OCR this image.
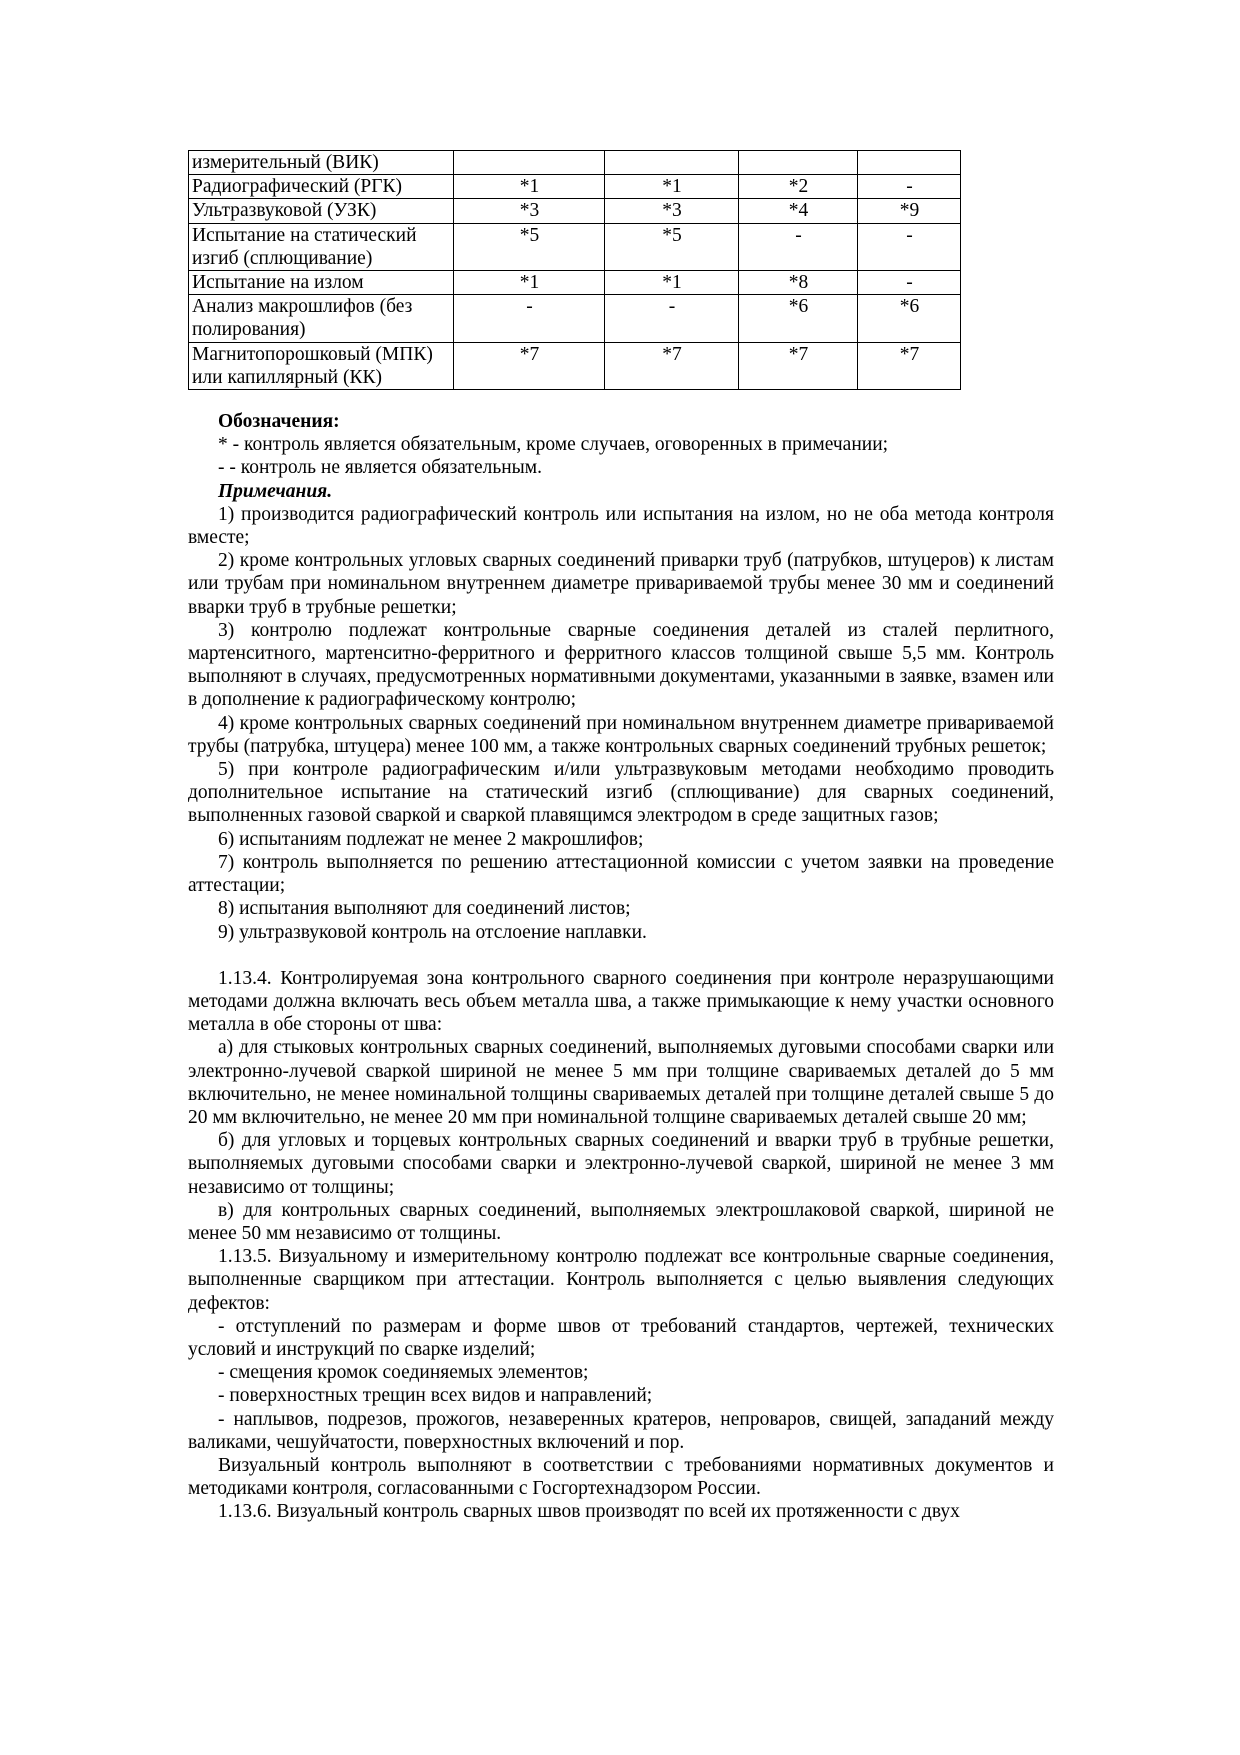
измерительный (ВИК)				
Радиографический (РГК)	*1	*1	*2	-
Ультразвуковой (УЗК)	*3	*3	*4	*9
Испытание на статический изгиб (сплющивание)	*5	*5	-	-
Испытание на излом	*1	*1	*8	-
Анализ макрошлифов (без полирования)	-	-	*6	*6
Магнитопорошковый (МПК) или капиллярный (КК)	*7	*7	*7	*7

Обозначения:

* - контроль является обязательным, кроме случаев, оговоренных в примечании;

- - контроль не является обязательным.

Примечания.

1) производится радиографический контроль или испытания на излом, но не оба метода контроля вместе;

2) кроме контрольных угловых сварных соединений приварки труб (патрубков, штуцеров) к листам или трубам при номинальном внутреннем диаметре привариваемой трубы менее 30 мм и соединений вварки труб в трубные решетки;

3) контролю подлежат контрольные сварные соединения деталей из сталей перлитного, мартенситного, мартенситно-ферритного и ферритного классов толщиной свыше 5,5 мм. Контроль выполняют в случаях, предусмотренных нормативными документами, указанными в заявке, взамен или в дополнение к радиографическому контролю;

4) кроме контрольных сварных соединений при номинальном внутреннем диаметре привариваемой трубы (патрубка, штуцера) менее 100 мм, а также контрольных сварных соединений трубных решеток;

5) при контроле радиографическим и/или ультразвуковым методами необходимо проводить дополнительное испытание на статический изгиб (сплющивание) для сварных соединений, выполненных газовой сваркой и сваркой плавящимся электродом в среде защитных газов;

6) испытаниям подлежат не менее 2 макрошлифов;

7) контроль выполняется по решению аттестационной комиссии с учетом заявки на проведение аттестации;

8) испытания выполняют для соединений листов;

9) ультразвуковой контроль на отслоение наплавки.

1.13.4. Контролируемая зона контрольного сварного соединения при контроле неразрушающими методами должна включать весь объем металла шва, а также примыкающие к нему участки основного металла в обе стороны от шва:

а) для стыковых контрольных сварных соединений, выполняемых дуговыми способами сварки или электронно-лучевой сваркой шириной не менее 5 мм при толщине свариваемых деталей до 5 мм включительно, не менее номинальной толщины свариваемых деталей при толщине деталей свыше 5 до 20 мм включительно, не менее 20 мм при номинальной толщине свариваемых деталей свыше 20 мм;

б) для угловых и торцевых контрольных сварных соединений и вварки труб в трубные решетки, выполняемых дуговыми способами сварки и электронно-лучевой сваркой, шириной не менее 3 мм независимо от толщины;

в) для контрольных сварных соединений, выполняемых электрошлаковой сваркой, шириной не менее 50 мм независимо от толщины.

1.13.5. Визуальному и измерительному контролю подлежат все контрольные сварные соединения, выполненные сварщиком при аттестации. Контроль выполняется с целью выявления следующих дефектов:

- отступлений по размерам и форме швов от требований стандартов, чертежей, технических условий и инструкций по сварке изделий;

- смещения кромок соединяемых элементов;

- поверхностных трещин всех видов и направлений;

- наплывов, подрезов, прожогов, незаверенных кратеров, непроваров, свищей, западаний между валиками, чешуйчатости, поверхностных включений и пор.

Визуальный контроль выполняют в соответствии с требованиями нормативных документов и методиками контроля, согласованными с Госгортехнадзором России.

1.13.6. Визуальный контроль сварных швов производят по всей их протяженности с двух
